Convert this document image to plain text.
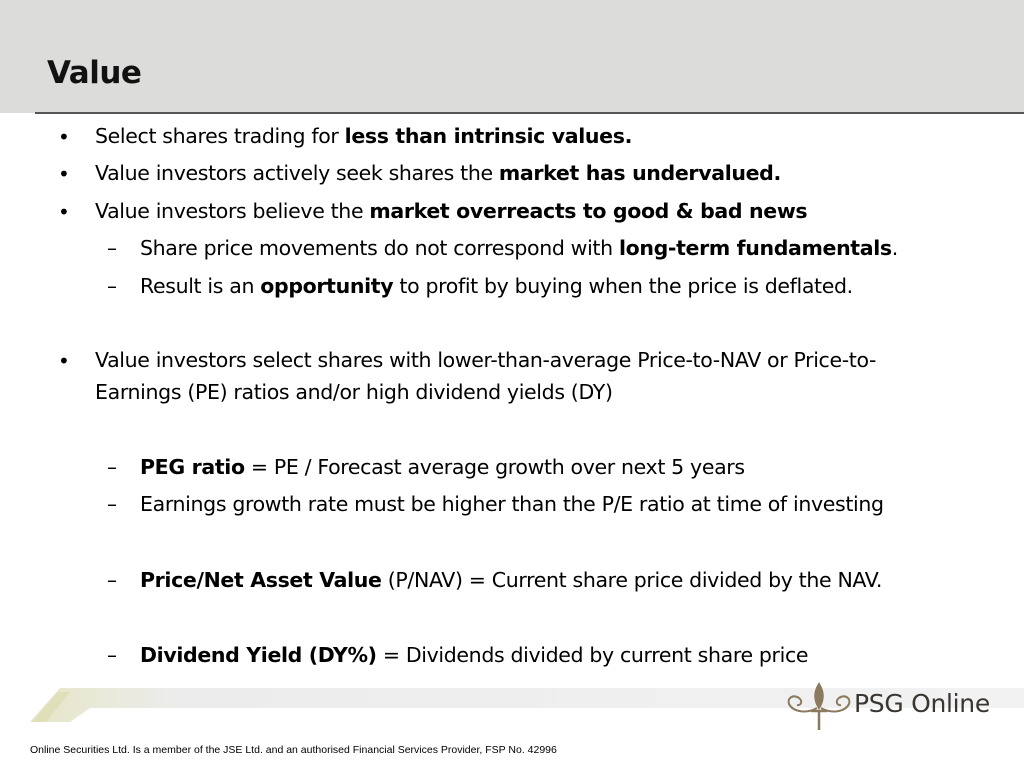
Value
• Select shares trading for less than intrinsic values.
• Value investors actively seek shares the market has undervalued.
• Value investors believe the market overreacts to good & bad news
– Share price movements do not correspond with long-term fundamentals.
– Result is an opportunity to profit by buying when the price is deflated.
• Value investors select shares with lower-than-average Price-to-NAV or Price-to-
Earnings (PE) ratios and/or high dividend yields (DY)
– PEG ratio = PE / Forecast average growth over next 5 years
– Earnings growth rate must be higher than the P/E ratio at time of investing
– Price/Net Asset Value (P/NAV) = Current share price divided by the NAV.
– Dividend Yield (DY%) = Dividends divided by current share price
PSG Online
Online Securities Ltd. Is a member of the JSE Ltd. and an authorised Financial Services Provider, FSP No. 42996
